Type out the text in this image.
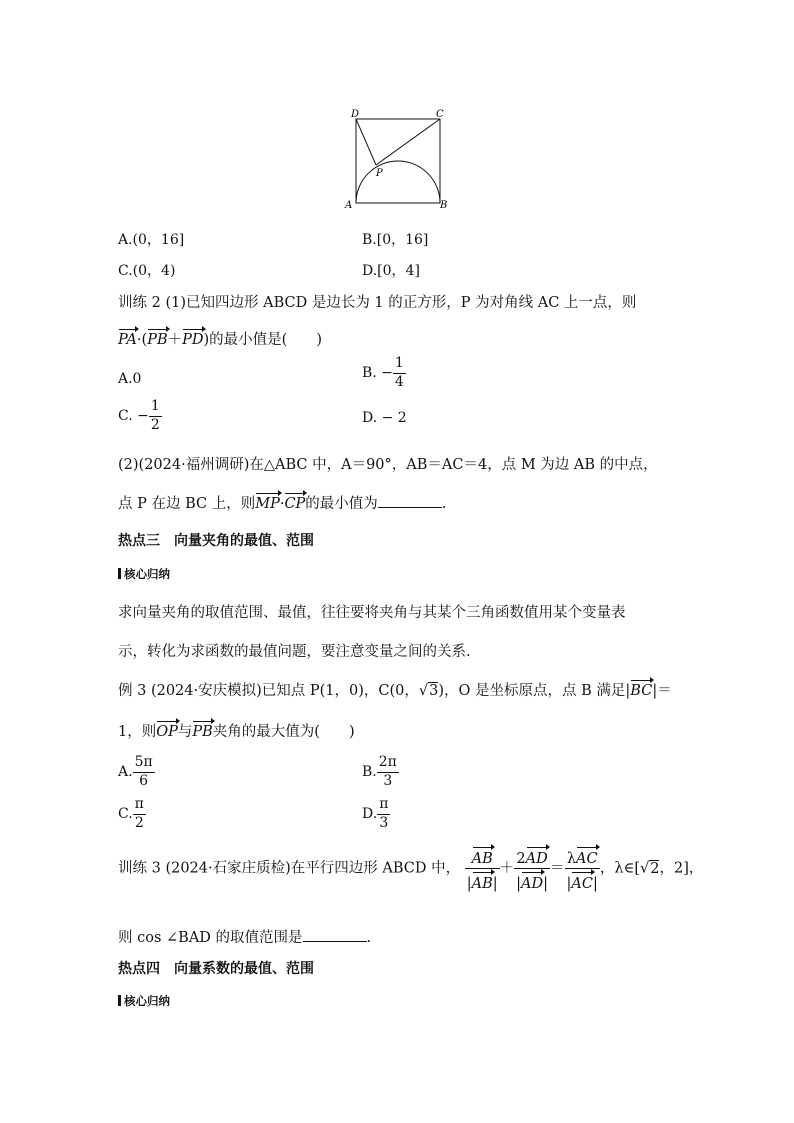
D	C
P
A	B
A.(0，16]	B.[0，16]
C.(0，4)	D.[0，4]
训练 2 (1)已知四边形 ABCD 是边长为 1 的正方形，P 为对角线 AC 上一点，则
PA·(PB＋PD)的最小值是(　　)
A.0	B. − $\frac{1}{4}$
C. − $\frac{1}{2}$	D. − 2
(2)(2024·福州调研)在△ABC 中，A＝90°，AB＝AC＝4，点 M 为边 AB 的中点，
点 P 在边 BC 上，则MP·CP的最小值为	.
热点三　向量夹角的最值、范围
核心归纳
求向量夹角的取值范围、最值，往往要将夹角与其某个三角函数值用某个变量表
示，转化为求函数的最值问题，要注意变量之间的关系.
例 3 (2024·安庆模拟)已知点 P(1，0)，C(0，√3)，O 是坐标原点，点 B 满足|BC|＝
1，则OP与PB夹角的最大值为(　　)
A. $\frac{5\pi}{6}$	B. $\frac{2\pi}{3}$
C. $\frac{\pi}{2}$	D. $\frac{\pi}{3}$
训练 3 (2024·石家庄质检)在平行四边形 ABCD 中， $\frac{AB}{|AB|} + \frac{2AD}{|AD|} = \frac{\text{λAC}}{|AC|}$ ，λ∈[√2，2]，
则 cos ∠BAD 的取值范围是	.
热点四　向量系数的最值、范围
核心归纳
